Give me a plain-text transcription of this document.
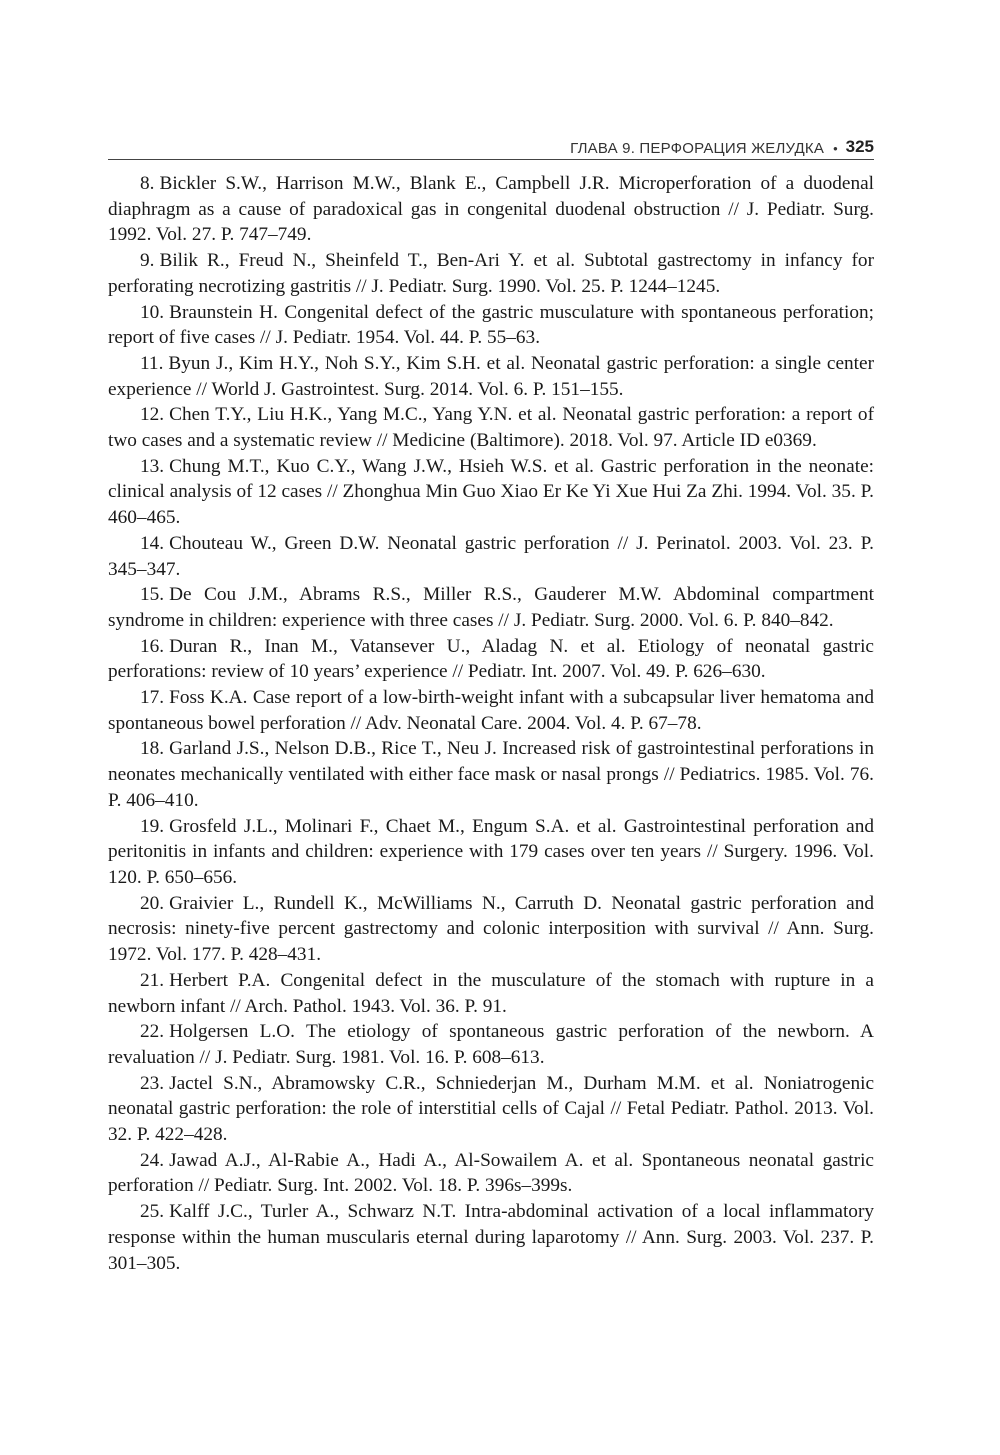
ГЛАВА 9. ПЕРФОРАЦИЯ ЖЕЛУДКА • 325
8. Bickler S.W., Harrison M.W., Blank E., Campbell J.R. Microperforation of a duodenal diaphragm as a cause of paradoxical gas in congenital duodenal obstruction // J. Pediatr. Surg. 1992. Vol. 27. P. 747–749.
9. Bilik R., Freud N., Sheinfeld T., Ben-Ari Y. et al. Subtotal gastrectomy in infancy for perforating necrotizing gastritis // J. Pediatr. Surg. 1990. Vol. 25. P. 1244–1245.
10. Braunstein H. Congenital defect of the gastric musculature with spontaneous perforation; report of five cases // J. Pediatr. 1954. Vol. 44. P. 55–63.
11. Byun J., Kim H.Y., Noh S.Y., Kim S.H. et al. Neonatal gastric perforation: a single center experience // World J. Gastrointest. Surg. 2014. Vol. 6. P. 151–155.
12. Chen T.Y., Liu H.K., Yang M.C., Yang Y.N. et al. Neonatal gastric perforation: a report of two cases and a systematic review // Medicine (Baltimore). 2018. Vol. 97. Article ID e0369.
13. Chung M.T., Kuo C.Y., Wang J.W., Hsieh W.S. et al. Gastric perforation in the neonate: clinical analysis of 12 cases // Zhonghua Min Guo Xiao Er Ke Yi Xue Hui Za Zhi. 1994. Vol. 35. P. 460–465.
14. Chouteau W., Green D.W. Neonatal gastric perforation // J. Perinatol. 2003. Vol. 23. P. 345–347.
15. De Cou J.M., Abrams R.S., Miller R.S., Gauderer M.W. Abdominal compartment syndrome in children: experience with three cases // J. Pediatr. Surg. 2000. Vol. 6. P. 840–842.
16. Duran R., Inan M., Vatansever U., Aladag N. et al. Etiology of neonatal gastric perforations: review of 10 years’ experience // Pediatr. Int. 2007. Vol. 49. P. 626–630.
17. Foss K.A. Case report of a low-birth-weight infant with a subcapsular liver hematoma and spontaneous bowel perforation // Adv. Neonatal Care. 2004. Vol. 4. P. 67–78.
18. Garland J.S., Nelson D.B., Rice T., Neu J. Increased risk of gastrointestinal perforations in neonates mechanically ventilated with either face mask or nasal prongs // Pediatrics. 1985. Vol. 76. P. 406–410.
19. Grosfeld J.L., Molinari F., Chaet M., Engum S.A. et al. Gastrointestinal perforation and peritonitis in infants and children: experience with 179 cases over ten years // Surgery. 1996. Vol. 120. P. 650–656.
20. Graivier L., Rundell K., McWilliams N., Carruth D. Neonatal gastric perforation and necrosis: ninety-five percent gastrectomy and colonic interposition with survival // Ann. Surg. 1972. Vol. 177. P. 428–431.
21. Herbert P.A. Congenital defect in the musculature of the stomach with rupture in a newborn infant // Arch. Pathol. 1943. Vol. 36. P. 91.
22. Holgersen L.O. The etiology of spontaneous gastric perforation of the newborn. A revaluation // J. Pediatr. Surg. 1981. Vol. 16. P. 608–613.
23. Jactel S.N., Abramowsky C.R., Schniederjan M., Durham M.M. et al. Noniatrogenic neonatal gastric perforation: the role of interstitial cells of Cajal // Fetal Pediatr. Pathol. 2013. Vol. 32. P. 422–428.
24. Jawad A.J., Al-Rabie A., Hadi A., Al-Sowailem A. et al. Spontaneous neonatal gastric perforation // Pediatr. Surg. Int. 2002. Vol. 18. P. 396s–399s.
25. Kalff J.C., Turler A., Schwarz N.T. Intra-abdominal activation of a local inflammatory response within the human muscularis eternal during laparotomy // Ann. Surg. 2003. Vol. 237. P. 301–305.
